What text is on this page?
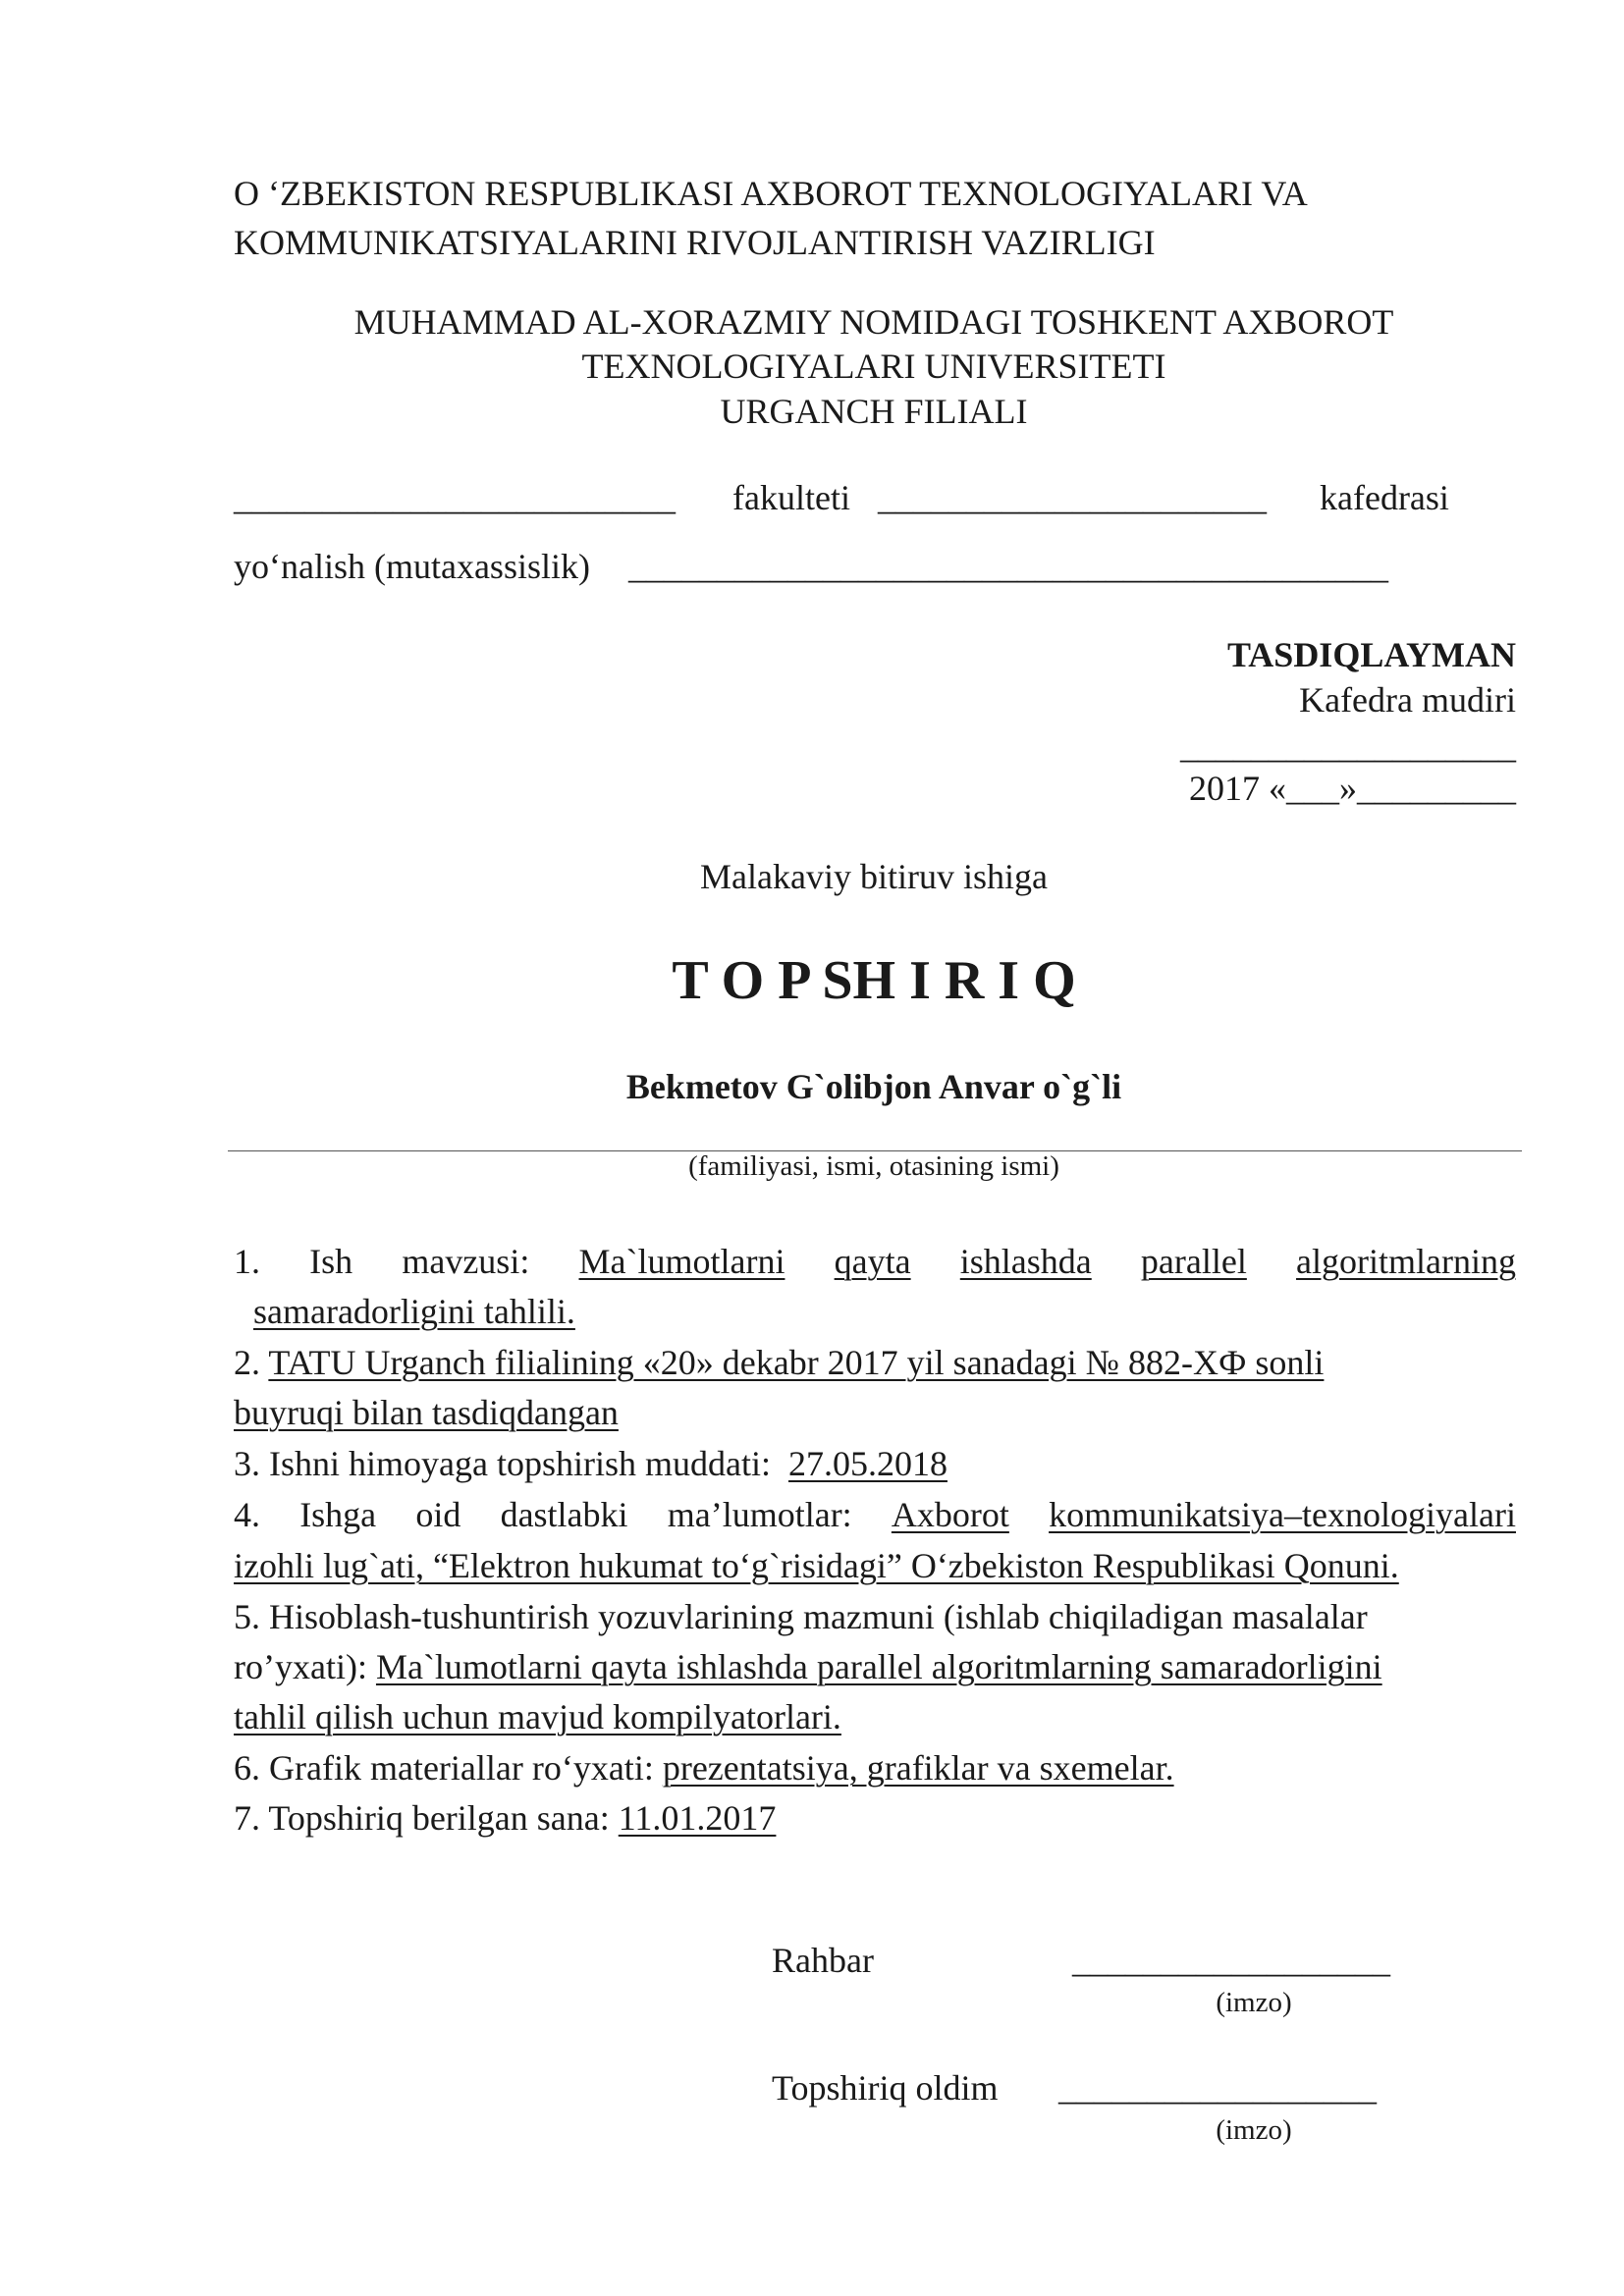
O ‘ZBEKISTON RESPUBLIKASI AXBOROT TEXNOLOGIYALARI VA
KOMMUNIKATSIYALARINI RIVOJLANTIRISH VAZIRLIGI
MUHAMMAD AL-XORAZMIY NOMIDAGI TOSHKENT AXBOROT
TEXNOLOGIYALARI UNIVERSITETI
URGANCH FILIALI
_________________________ fakulteti ______________________ kafedrasi
yo‘nalish (mutaxassislik) ___________________________________________
TASDIQLAYMAN
Kafedra mudiri
___________________
2017 «___»_________
Malakaviy bitiruv ishiga
T O P SH I R I Q
Bekmetov G`olibjon Anvar o`g`li
(familiyasi, ismi, otasining ismi)
1. Ish mavzusi: Ma`lumotlarni qayta ishlashda parallel algoritmlarning
samaradorligini tahlili.
2. TATU Urganch filialining «20» dekabr 2017 yil sanadagi № 882-XФ sonli
buyruqi bilan tasdiqdangan
3. Ishni himoyaga topshirish muddati:  27.05.2018
4. Ishga oid dastlabki ma’lumotlar: Axborot kommunikatsiya–texnologiyalari
izohli lug`ati, “Elektron hukumat to‘g`risidagi” O‘zbekiston Respublikasi Qonuni.
5. Hisoblash-tushuntirish yozuvlarining mazmuni (ishlab chiqiladigan masalalar
ro’yxati): Ma`lumotlarni qayta ishlashda parallel algoritmlarning samaradorligini
tahlil qilish uchun mavjud kompilyatorlari.
6. Grafik materiallar ro‘yxati: prezentatsiya, grafiklar va sxemelar.
7. Topshiriq berilgan sana: 11.01.2017
Rahbar	__________________
(imzo)
Topshiriq oldim __________________
(imzo)
